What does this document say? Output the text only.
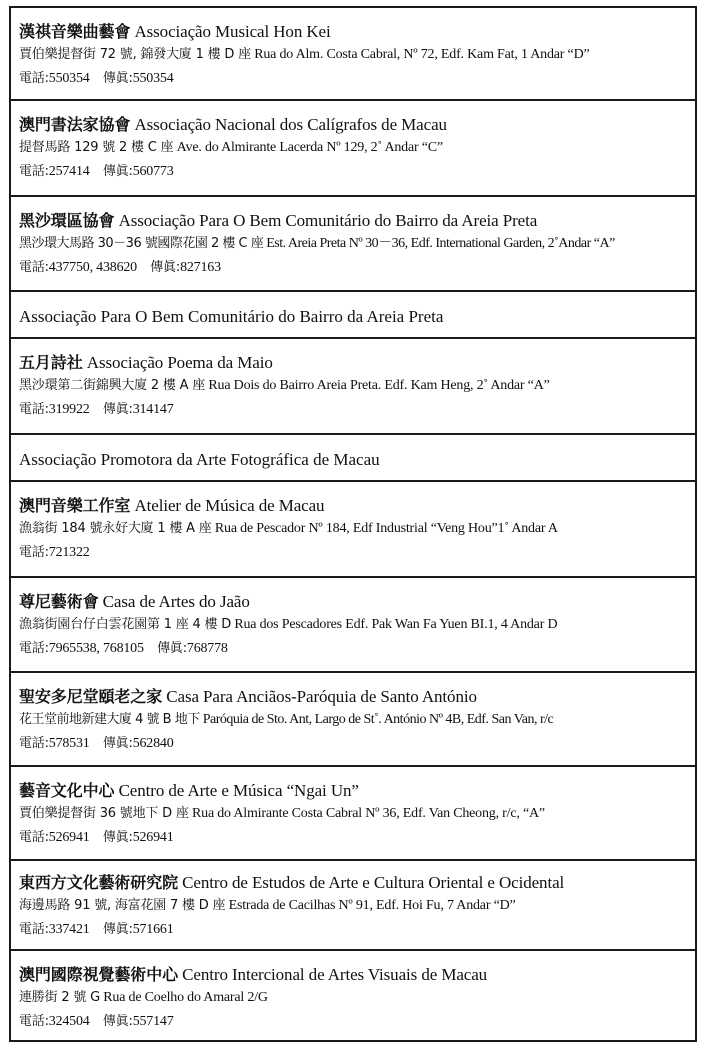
漢祺音樂曲藝會 Associação Musical Hon Kei
賈伯樂提督街 72 號, 錦發大廈 1 樓 D 座 Rua do Alm. Costa Cabral, Nº 72, Edf. Kam Fat, 1 Andar “D”
電話:550354 傳眞:550354
澳門書法家協會 Associação Nacional dos Calígrafos de Macau
提督馬路 129 號 2 樓 C 座 Ave. do Almirante Lacerda Nº 129, 2˚ Andar “C”
電話:257414 傳眞:560773
黑沙環區協會 Associação Para O Bem Comunitário do Bairro da Areia Preta
黑沙環大馬路 30－36 號國際花園 2 樓 C 座 Est. Areia Preta Nº 30－36, Edf. International Garden, 2˚Andar “A”
電話:437750, 438620 傳眞:827163
Associação Para O Bem Comunitário do Bairro da Areia Preta
五月詩社 Associação Poema da Maio
黑沙環第二街錦興大廈 2 樓 A 座 Rua Dois do Bairro Areia Preta. Edf. Kam Heng, 2˚ Andar “A”
電話:319922 傳眞:314147
Associação Promotora da Arte Fotográfica de Macau
澳門音樂工作室 Atelier de Música de Macau
漁翁街 184 號永好大廈 1 樓 A 座 Rua de Pescador Nº 184, Edf Industrial “Veng Hou”1˚ Andar A
電話:721322
尊尼藝術會 Casa de Artes do Jaão
漁翁街園台仔白雲花園第 1 座 4 樓 D Rua dos Pescadores Edf. Pak Wan Fa Yuen BI.1, 4 Andar D
電話:7965538, 768105 傳眞:768778
聖安多尼堂頤老之家 Casa Para Anciãos-Paróquia de Santo António
花王堂前地新建大廈 4 號 B 地下 Paróquia de Sto. Ant, Largo de St˚. António Nº 4B, Edf. San Van, r/c
電話:578531 傳眞:562840
藝音文化中心 Centro de Arte e Música “Ngai Un”
賈伯樂提督街 36 號地下 D 座 Rua do Almirante Costa Cabral Nº 36, Edf. Van Cheong, r/c, “A”
電話:526941 傳眞:526941
東西方文化藝術研究院 Centro de Estudos de Arte e Cultura Oriental e Ocidental
海邊馬路 91 號, 海富花園 7 樓 D 座 Estrada de Cacilhas Nº 91, Edf. Hoi Fu, 7 Andar “D”
電話:337421 傳眞:571661
澳門國際視覺藝術中心 Centro Intercional de Artes Visuais de Macau
連勝街 2 號 G Rua de Coelho do Amaral 2/G
電話:324504 傳眞:557147
